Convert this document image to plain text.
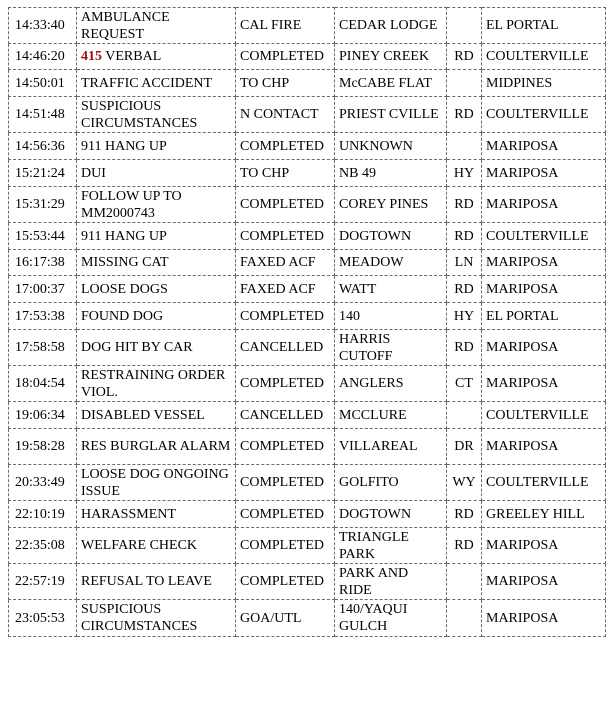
14:33:40	AMBULANCE REQUEST	CAL FIRE	CEDAR LODGE		EL PORTAL
14:46:20	415 VERBAL	COMPLETED	PINEY CREEK	RD	COULTERVILLE
14:50:01	TRAFFIC ACCIDENT	TO CHP	McCABE FLAT		MIDPINES
14:51:48	SUSPICIOUS CIRCUMSTANCES	N CONTACT	PRIEST CVILLE	RD	COULTERVILLE
14:56:36	911 HANG UP	COMPLETED	UNKNOWN		MARIPOSA
15:21:24	DUI	TO CHP	NB 49	HY	MARIPOSA
15:31:29	FOLLOW UP TO MM2000743	COMPLETED	COREY PINES	RD	MARIPOSA
15:53:44	911 HANG UP	COMPLETED	DOGTOWN	RD	COULTERVILLE
16:17:38	MISSING CAT	FAXED ACF	MEADOW	LN	MARIPOSA
17:00:37	LOOSE DOGS	FAXED ACF	WATT	RD	MARIPOSA
17:53:38	FOUND DOG	COMPLETED	140	HY	EL PORTAL
17:58:58	DOG HIT BY CAR	CANCELLED	HARRIS CUTOFF	RD	MARIPOSA
18:04:54	RESTRAINING ORDER VIOL.	COMPLETED	ANGLERS	CT	MARIPOSA
19:06:34	DISABLED VESSEL	CANCELLED	MCCLURE		COULTERVILLE
19:58:28	RES BURGLAR ALARM	COMPLETED	VILLAREAL	DR	MARIPOSA
20:33:49	LOOSE DOG ONGOING ISSUE	COMPLETED	GOLFITO	WY	COULTERVILLE
22:10:19	HARASSMENT	COMPLETED	DOGTOWN	RD	GREELEY HILL
22:35:08	WELFARE CHECK	COMPLETED	TRIANGLE PARK	RD	MARIPOSA
22:57:19	REFUSAL TO LEAVE	COMPLETED	PARK AND RIDE		MARIPOSA
23:05:53	SUSPICIOUS CIRCUMSTANCES	GOA/UTL	140/YAQUI GULCH		MARIPOSA
